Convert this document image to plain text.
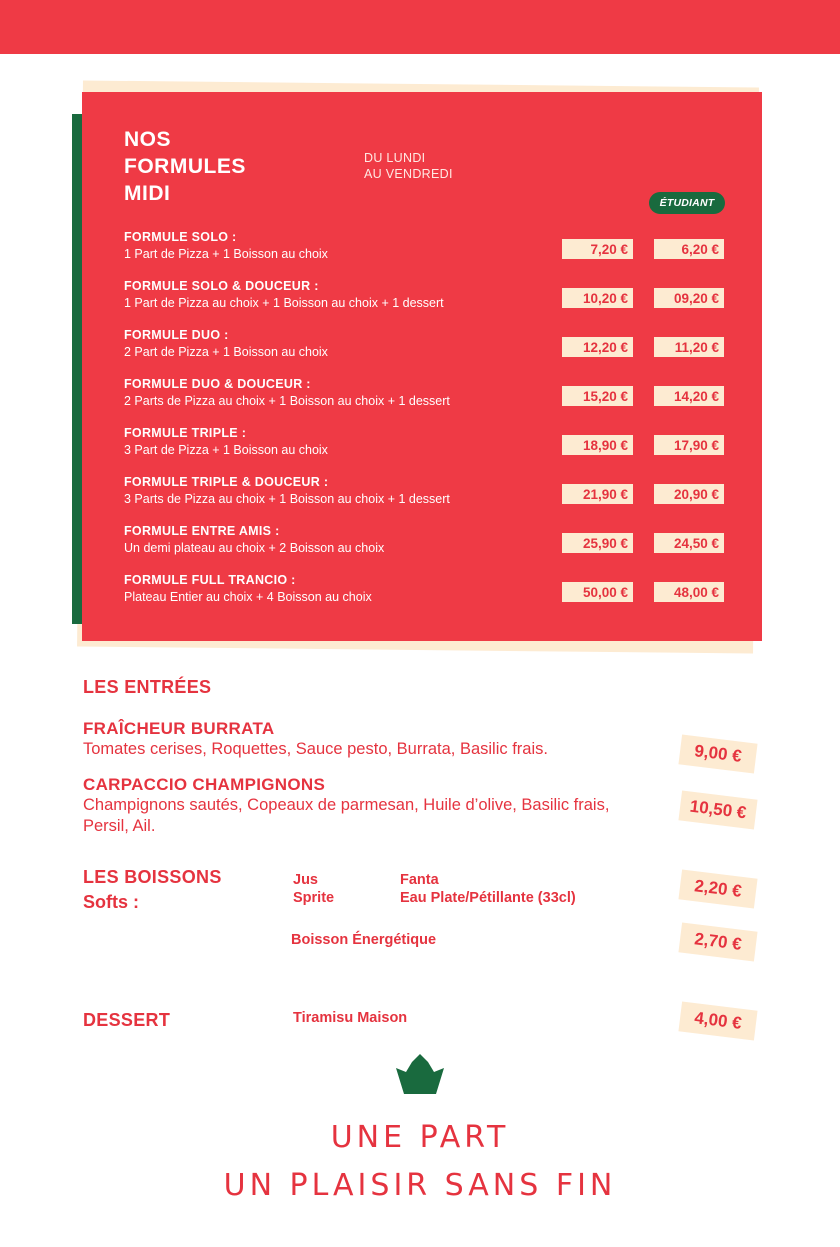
NOS
FORMULES
MIDI
DU LUNDI
AU VENDREDI
ÉTUDIANT
FORMULE SOLO :
1 Part de Pizza + 1 Boisson au choix	7,20 €	6,20 €
FORMULE SOLO & DOUCEUR :
1 Part de Pizza au choix + 1 Boisson au choix + 1 dessert	10,20 €	09,20 €
FORMULE DUO :
2 Part de Pizza + 1 Boisson au choix	12,20 €	11,20 €
FORMULE DUO & DOUCEUR :
2 Parts de Pizza au choix + 1 Boisson au choix + 1 dessert	15,20 €	14,20 €
FORMULE TRIPLE :
3 Part de Pizza + 1 Boisson au choix	18,90 €	17,90 €
FORMULE TRIPLE & DOUCEUR :
3 Parts de Pizza au choix + 1 Boisson au choix + 1 dessert	21,90 €	20,90 €
FORMULE ENTRE AMIS :
Un demi plateau au choix + 2 Boisson au choix	25,90 €	24,50 €
FORMULE FULL TRANCIO :
Plateau Entier au choix + 4 Boisson au choix	50,00 €	48,00 €
LES ENTRÉES
FRAÎCHEUR BURRATA
Tomates cerises, Roquettes, Sauce pesto, Burrata, Basilic frais.	9,00 €
CARPACCIO CHAMPIGNONS
Champignons sautés, Copeaux de parmesan, Huile d’olive, Basilic frais, Persil, Ail.
10,50 €
LES BOISSONS
Softs :
Jus
Sprite
Fanta
Eau Plate/Pétillante (33cl)	2,20 €
Boisson Énergétique	2,70 €
DESSERT	Tiramisu Maison	4,00 €
UNE PART
UN PLAISIR SANS FIN
